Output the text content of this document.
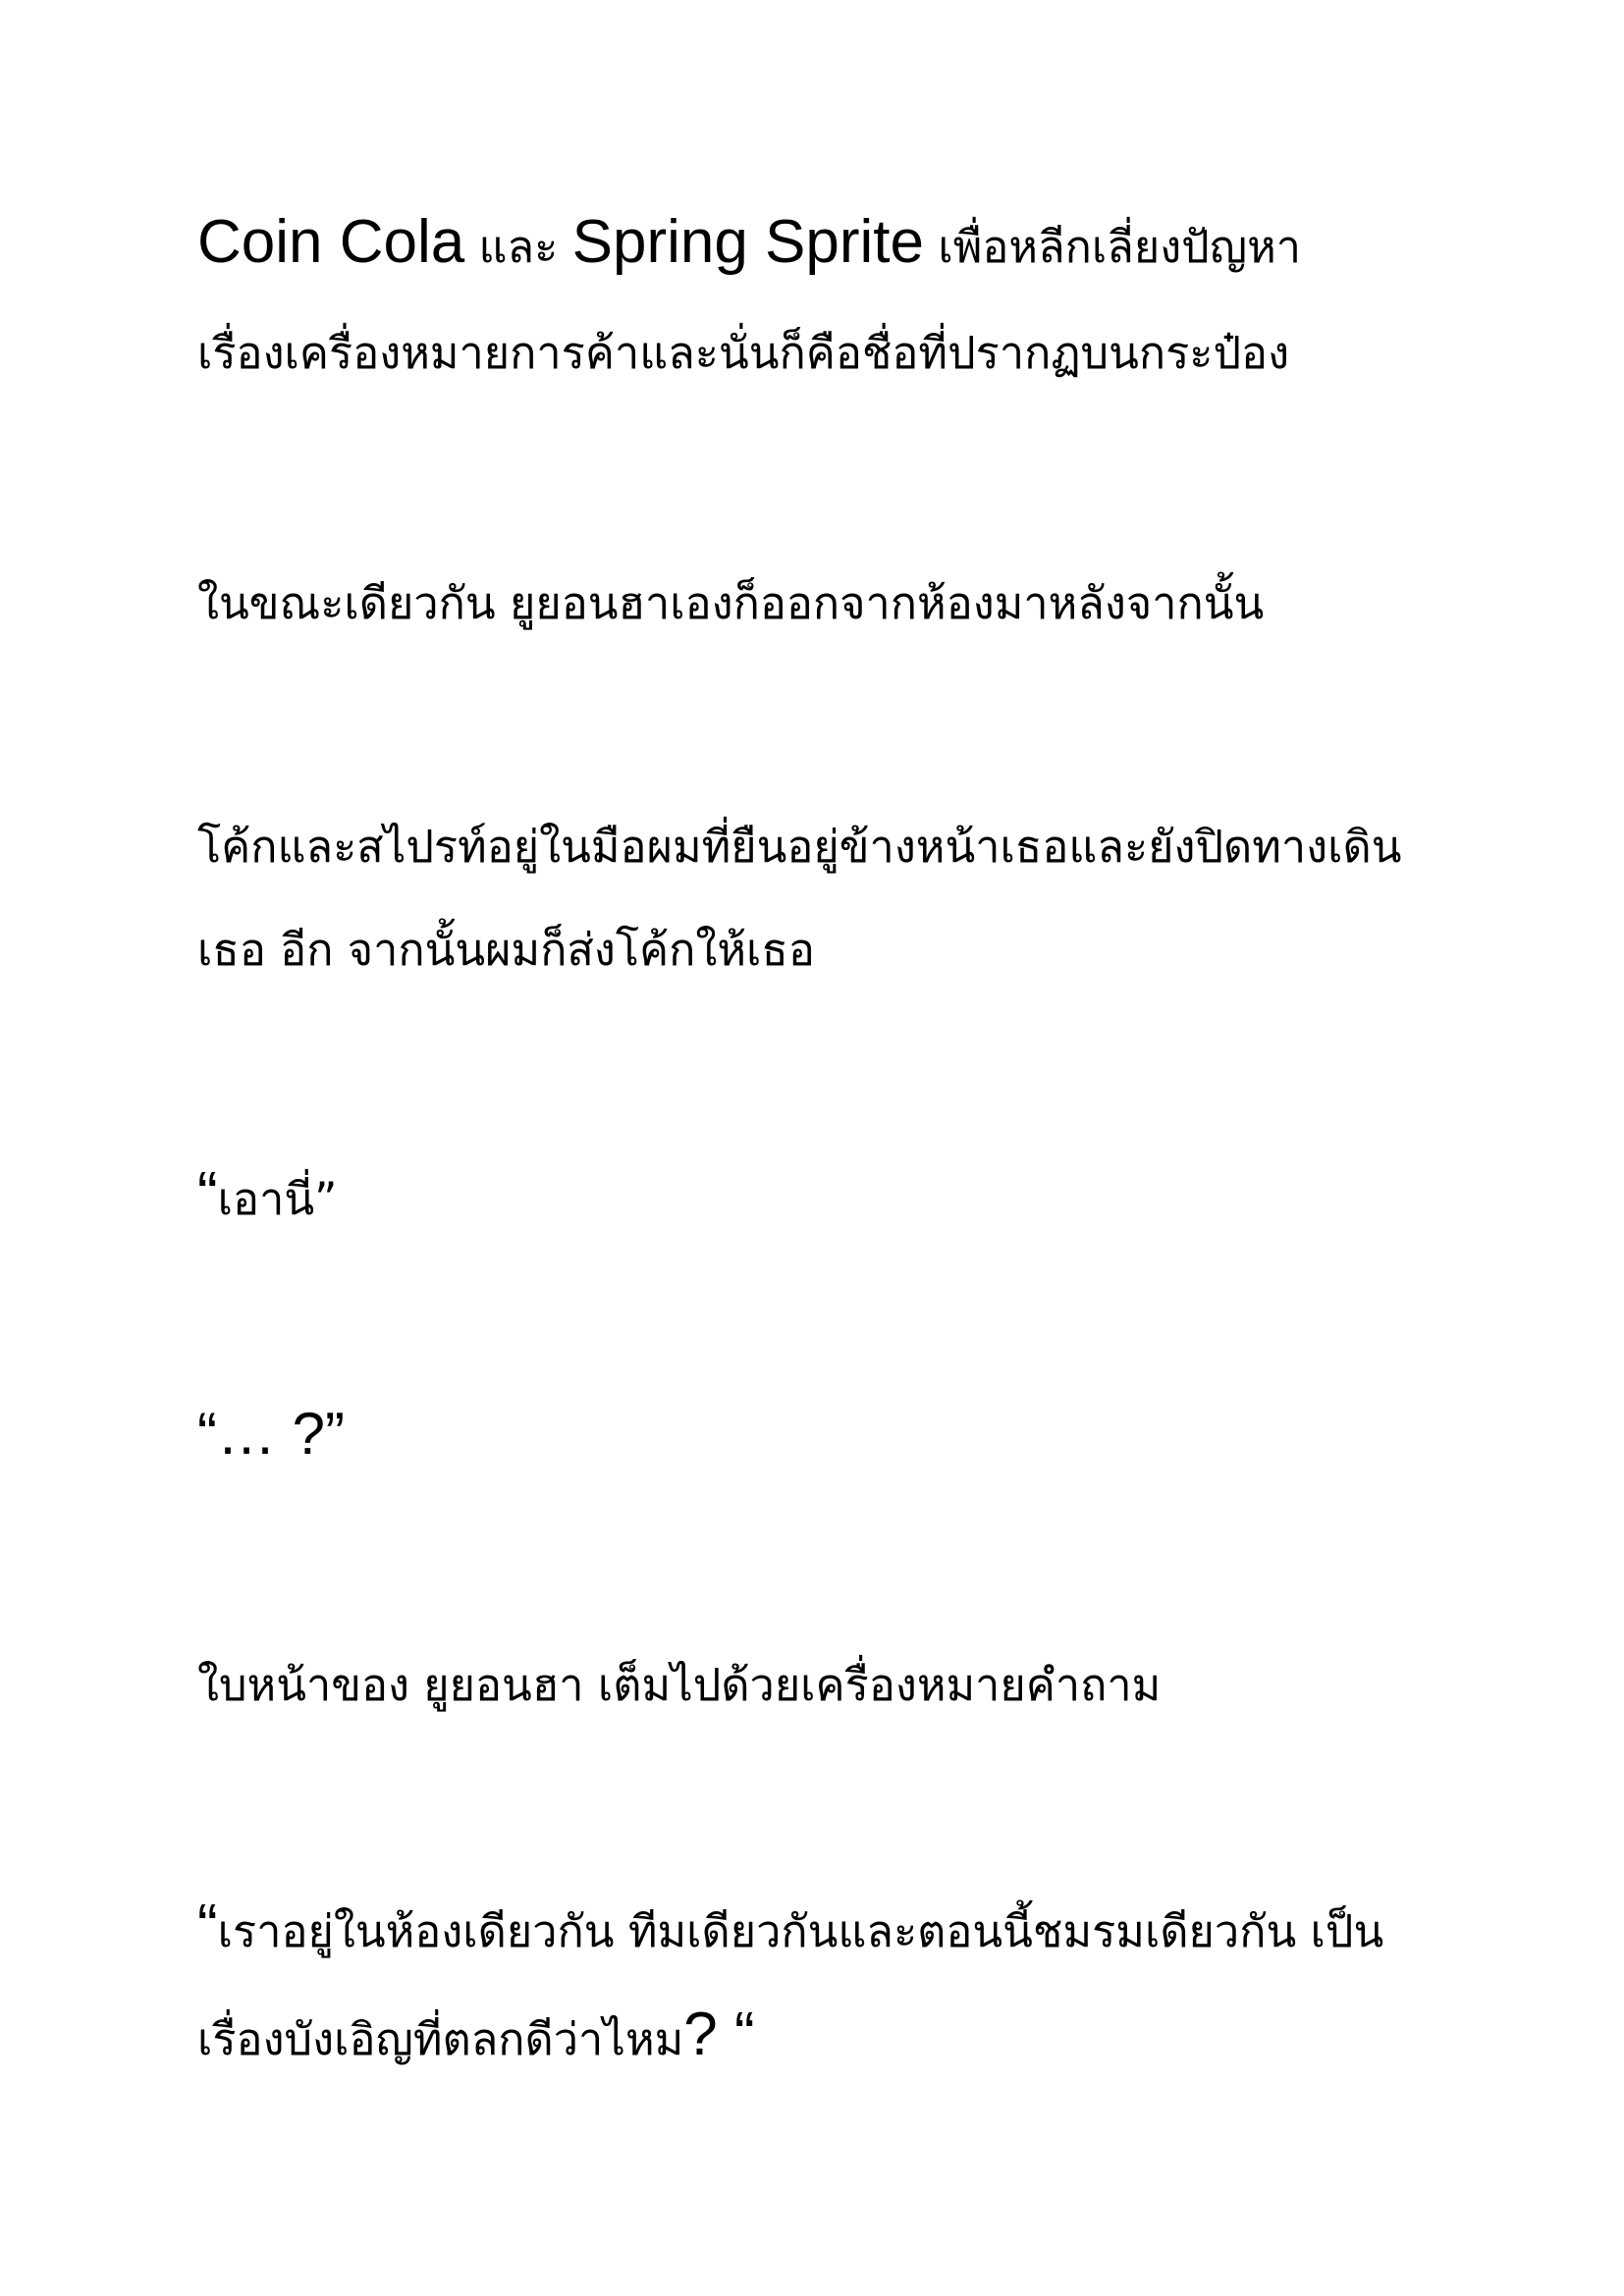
Coin Cola และ Spring Sprite เพื่อหลีกเลี่ยงปัญหา
เรื่องเครื่องหมายการค้าและนั่นก็คือชื่อที่ปรากฏบนกระป๋อง
ในขณะเดียวกัน ยูยอนฮาเองก็ออกจากห้องมาหลังจากนั้น
โค้กและสไปรท์อยู่ในมือผมที่ยืนอยู่ข้างหน้าเธอและยังปิดทางเดิน
เธอ อีก จากนั้นผมก็ส่งโค้กให้เธอ
“เอานี่”
“… ?”
ใบหน้าของ ยูยอนฮา เต็มไปด้วยเครื่องหมายคำถาม
“เราอยู่ในห้องเดียวกัน ทีมเดียวกันและตอนนี้ชมรมเดียวกัน เป็น
เรื่องบังเอิญที่ตลกดีว่าไหม? “
